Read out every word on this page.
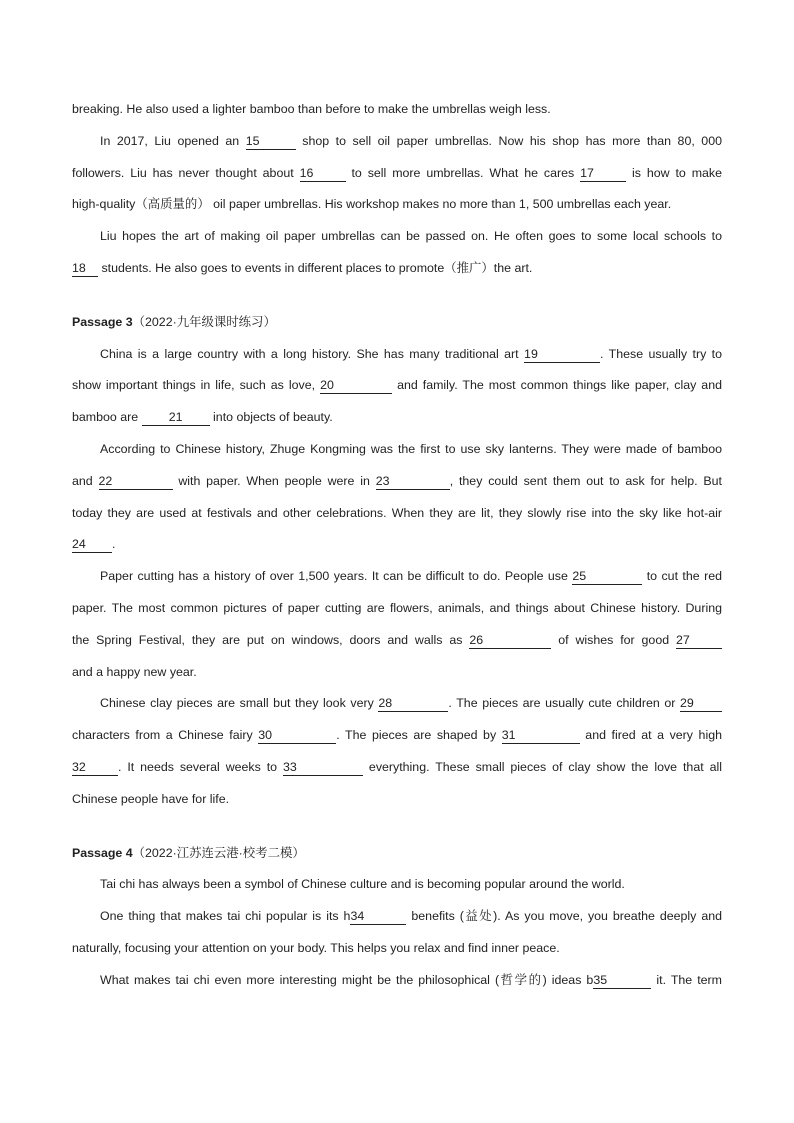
breaking. He also used a lighter bamboo than before to make the umbrellas weigh less.
In 2017, Liu opened an 15	shop to sell oil paper umbrellas. Now his shop has more than 80, 000
followers. Liu has never thought about 16	to sell more umbrellas. What he cares 17	is how to make
high-quality（高质量的） oil paper umbrellas. His workshop makes no more than 1, 500 umbrellas each year.
Liu hopes the art of making oil paper umbrellas can be passed on. He often goes to some local schools to
18 students. He also goes to events in different places to promote（推广）the art.
Passage 3（2022·九年级课时练习）
China is a large country with a long history. She has many traditional art 19	. These usually try to
show important things in life, such as love, 20	and family. The most common things like paper, clay and
bamboo are 21 into objects of beauty.
According to Chinese history, Zhuge Kongming was the first to use sky lanterns. They were made of bamboo
and 22	with paper. When people were in 23	, they could sent them out to ask for help. But
today they are used at festivals and other celebrations. When they are lit, they slowly rise into the sky like hot-air
24 .
Paper cutting has a history of over 1,500 years. It can be difficult to do. People use 25	to cut the red
paper. The most common pictures of paper cutting are flowers, animals, and things about Chinese history. During
the Spring Festival, they are put on windows, doors and walls as 26	of wishes for good 27
and a happy new year.
Chinese clay pieces are small but they look very 28	. The pieces are usually cute children or 29
characters from a Chinese fairy 30	. The pieces are shaped by 31	and fired at a very high
32	. It needs several weeks to 33	everything. These small pieces of clay show the love that all
Chinese people have for life.
Passage 4（2022·江苏连云港·校考二模）
Tai chi has always been a symbol of Chinese culture and is becoming popular around the world.
One thing that makes tai chi popular is its h34	benefits (益处). As you move, you breathe deeply and
naturally, focusing your attention on your body. This helps you relax and find inner peace.
What makes tai chi even more interesting might be the philosophical (哲学的) ideas b35	it. The term
